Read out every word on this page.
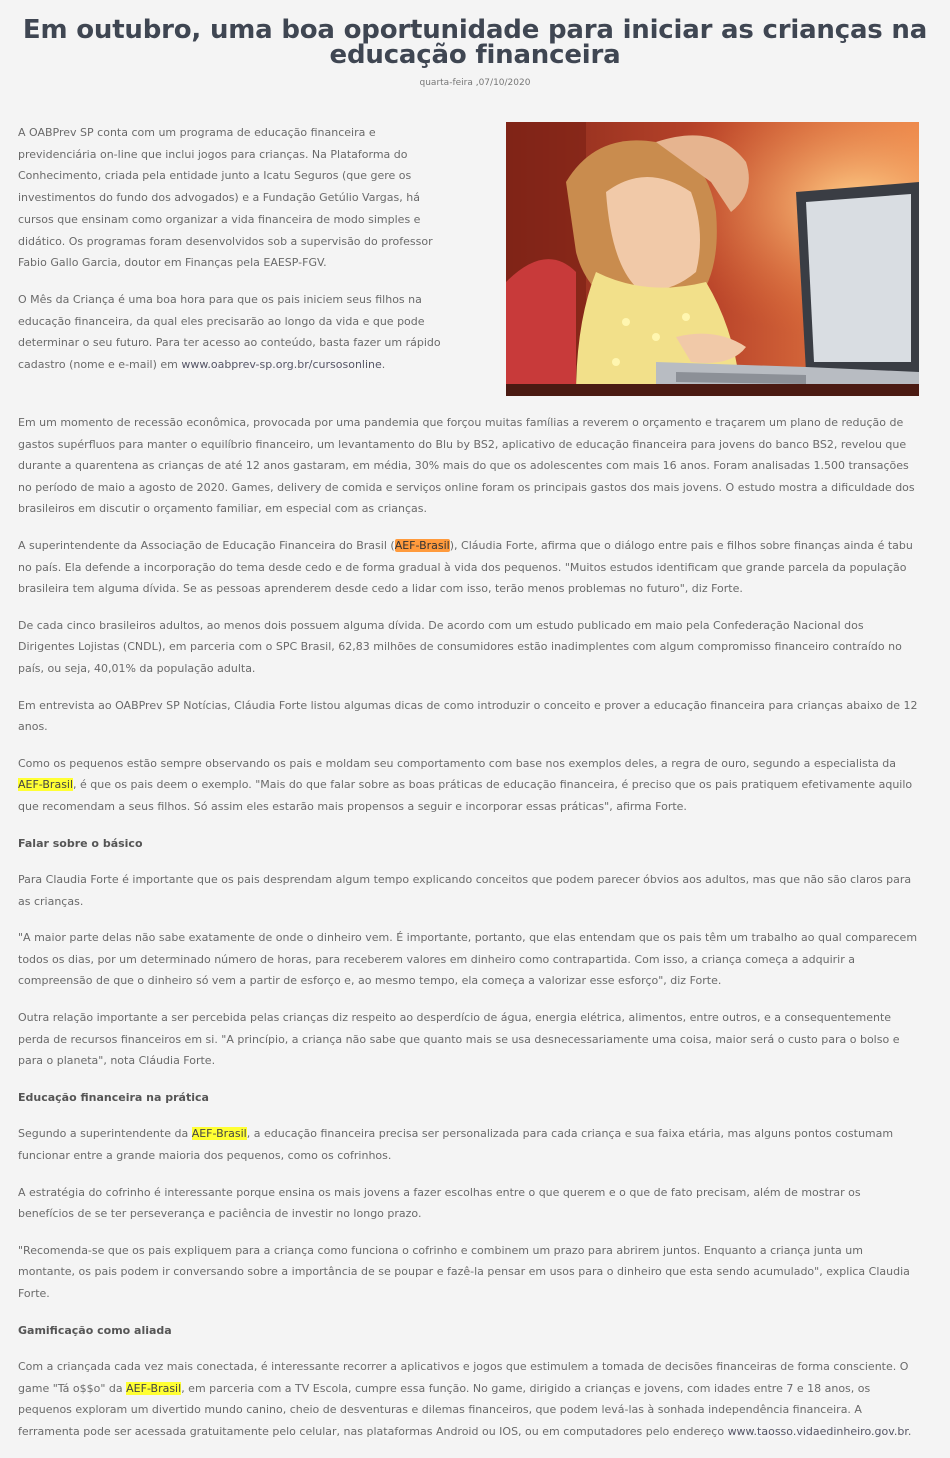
Em outubro, uma boa oportunidade para iniciar as crianças na educação financeira
quarta-feira ,07/10/2020

A OABPrev SP conta com um programa de educação financeira e previdenciária on-line que inclui jogos para crianças. Na Plataforma do Conhecimento, criada pela entidade junto a Icatu Seguros (que gere os investimentos do fundo dos advogados) e a Fundação Getúlio Vargas, há cursos que ensinam como organizar a vida financeira de modo simples e didático. Os programas foram desenvolvidos sob a supervisão do professor Fabio Gallo Garcia, doutor em Finanças pela EAESP-FGV.

O Mês da Criança é uma boa hora para que os pais iniciem seus filhos na educação financeira, da qual eles precisarão ao longo da vida e que pode determinar o seu futuro. Para ter acesso ao conteúdo, basta fazer um rápido cadastro (nome e e-mail) em www.oabprev-sp.org.br/cursosonline.

Em um momento de recessão econômica, provocada por uma pandemia que forçou muitas famílias a reverem o orçamento e traçarem um plano de redução de gastos supérfluos para manter o equilíbrio financeiro, um levantamento do Blu by BS2, aplicativo de educação financeira para jovens do banco BS2, revelou que durante a quarentena as crianças de até 12 anos gastaram, em média, 30% mais do que os adolescentes com mais 16 anos. Foram analisadas 1.500 transações no período de maio a agosto de 2020. Games, delivery de comida e serviços online foram os principais gastos dos mais jovens. O estudo mostra a dificuldade dos brasileiros em discutir o orçamento familiar, em especial com as crianças.

A superintendente da Associação de Educação Financeira do Brasil (AEF-Brasil), Cláudia Forte, afirma que o diálogo entre pais e filhos sobre finanças ainda é tabu no país. Ela defende a incorporação do tema desde cedo e de forma gradual à vida dos pequenos. "Muitos estudos identificam que grande parcela da população brasileira tem alguma dívida. Se as pessoas aprenderem desde cedo a lidar com isso, terão menos problemas no futuro", diz Forte.

De cada cinco brasileiros adultos, ao menos dois possuem alguma dívida. De acordo com um estudo publicado em maio pela Confederação Nacional dos Dirigentes Lojistas (CNDL), em parceria com o SPC Brasil, 62,83 milhões de consumidores estão inadimplentes com algum compromisso financeiro contraído no país, ou seja, 40,01% da população adulta.

Em entrevista ao OABPrev SP Notícias, Cláudia Forte listou algumas dicas de como introduzir o conceito e prover a educação financeira para crianças abaixo de 12 anos.

Como os pequenos estão sempre observando os pais e moldam seu comportamento com base nos exemplos deles, a regra de ouro, segundo a especialista da AEF-Brasil, é que os pais deem o exemplo. "Mais do que falar sobre as boas práticas de educação financeira, é preciso que os pais pratiquem efetivamente aquilo que recomendam a seus filhos. Só assim eles estarão mais propensos a seguir e incorporar essas práticas", afirma Forte.

Falar sobre o básico

Para Claudia Forte é importante que os pais desprendam algum tempo explicando conceitos que podem parecer óbvios aos adultos, mas que não são claros para as crianças.

"A maior parte delas não sabe exatamente de onde o dinheiro vem. É importante, portanto, que elas entendam que os pais têm um trabalho ao qual comparecem todos os dias, por um determinado número de horas, para receberem valores em dinheiro como contrapartida. Com isso, a criança começa a adquirir a compreensão de que o dinheiro só vem a partir de esforço e, ao mesmo tempo, ela começa a valorizar esse esforço", diz Forte.

Outra relação importante a ser percebida pelas crianças diz respeito ao desperdício de água, energia elétrica, alimentos, entre outros, e a consequentemente perda de recursos financeiros em si. "A princípio, a criança não sabe que quanto mais se usa desnecessariamente uma coisa, maior será o custo para o bolso e para o planeta", nota Cláudia Forte.

Educação financeira na prática

Segundo a superintendente da AEF-Brasil, a educação financeira precisa ser personalizada para cada criança e sua faixa etária, mas alguns pontos costumam funcionar entre a grande maioria dos pequenos, como os cofrinhos.

A estratégia do cofrinho é interessante porque ensina os mais jovens a fazer escolhas entre o que querem e o que de fato precisam, além de mostrar os benefícios de se ter perseverança e paciência de investir no longo prazo.

"Recomenda-se que os pais expliquem para a criança como funciona o cofrinho e combinem um prazo para abrirem juntos. Enquanto a criança junta um montante, os pais podem ir conversando sobre a importância de se poupar e fazê-la pensar em usos para o dinheiro que esta sendo acumulado", explica Claudia Forte.

Gamificação como aliada

Com a criançada cada vez mais conectada, é interessante recorrer a aplicativos e jogos que estimulem a tomada de decisões financeiras de forma consciente. O game "Tá o$$o" da AEF-Brasil, em parceria com a TV Escola, cumpre essa função. No game, dirigido a crianças e jovens, com idades entre 7 e 18 anos, os pequenos exploram um divertido mundo canino, cheio de desventuras e dilemas financeiros, que podem levá-las à sonhada independência financeira. A ferramenta pode ser acessada gratuitamente pelo celular, nas plataformas Android ou IOS, ou em computadores pelo endereço www.taosso.vidaedinheiro.gov.br.
